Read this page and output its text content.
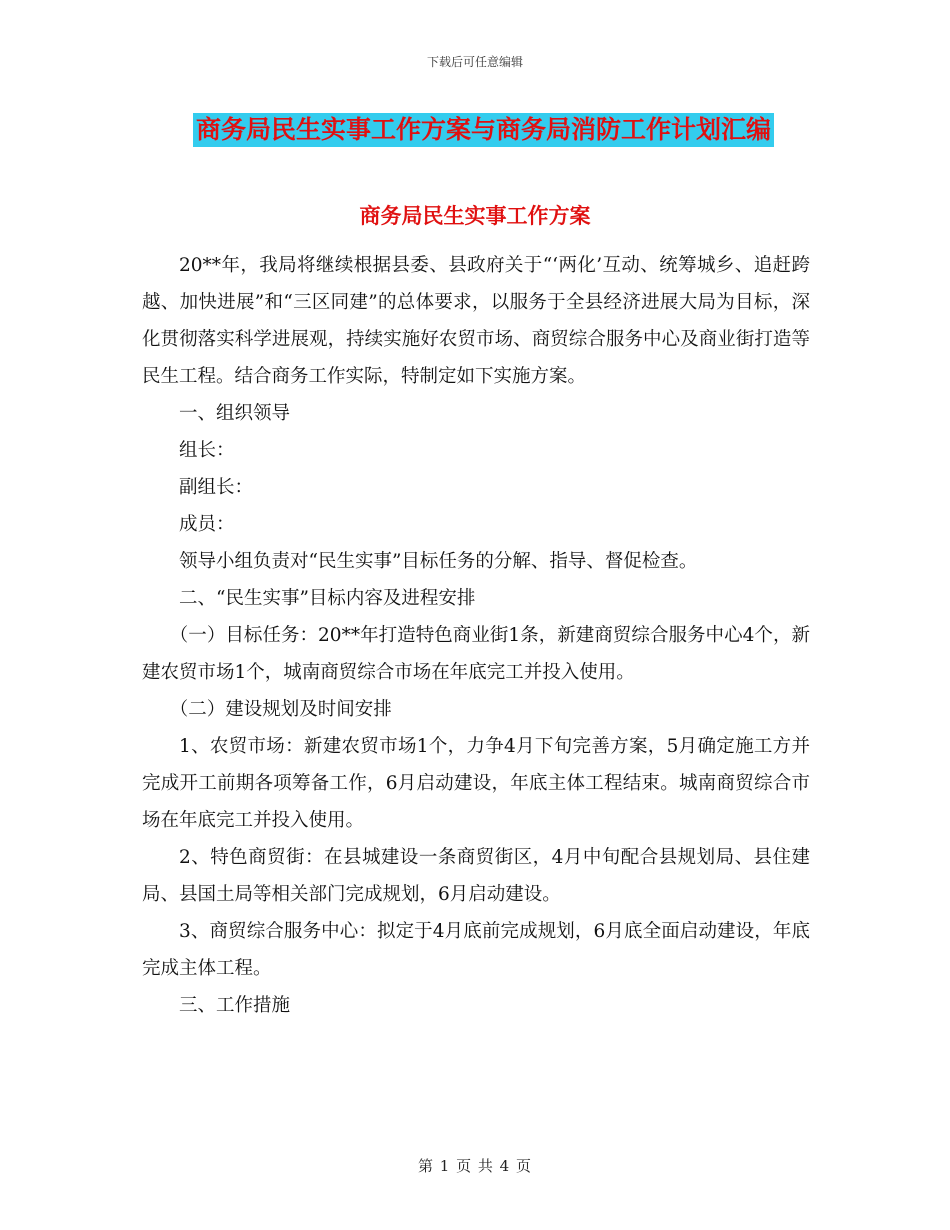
下载后可任意编辑
商务局民生实事工作方案与商务局消防工作计划汇编
商务局民生实事工作方案

20**年，我局将继续根据县委、县政府关于“‘两化’互动、统筹城乡、追赶跨越、加快进展”和“三区同建”的总体要求，以服务于全县经济进展大局为目标，深化贯彻落实科学进展观，持续实施好农贸市场、商贸综合服务中心及商业街打造等民生工程。结合商务工作实际，特制定如下实施方案。

一、组织领导

组长：

副组长：

成员：

领导小组负责对“民生实事”目标任务的分解、指导、督促检查。

二、“民生实事”目标内容及进程安排

（一）目标任务：20**年打造特色商业街1条，新建商贸综合服务中心4个，新建农贸市场1个，城南商贸综合市场在年底完工并投入使用。

（二）建设规划及时间安排

1、农贸市场：新建农贸市场1个，力争4月下旬完善方案，5月确定施工方并完成开工前期各项筹备工作，6月启动建设，年底主体工程结束。城南商贸综合市场在年底完工并投入使用。

2、特色商贸街：在县城建设一条商贸街区，4月中旬配合县规划局、县住建局、县国土局等相关部门完成规划，6月启动建设。

3、商贸综合服务中心：拟定于4月底前完成规划，6月底全面启动建设，年底完成主体工程。

三、工作措施

第 1 页 共 4 页
